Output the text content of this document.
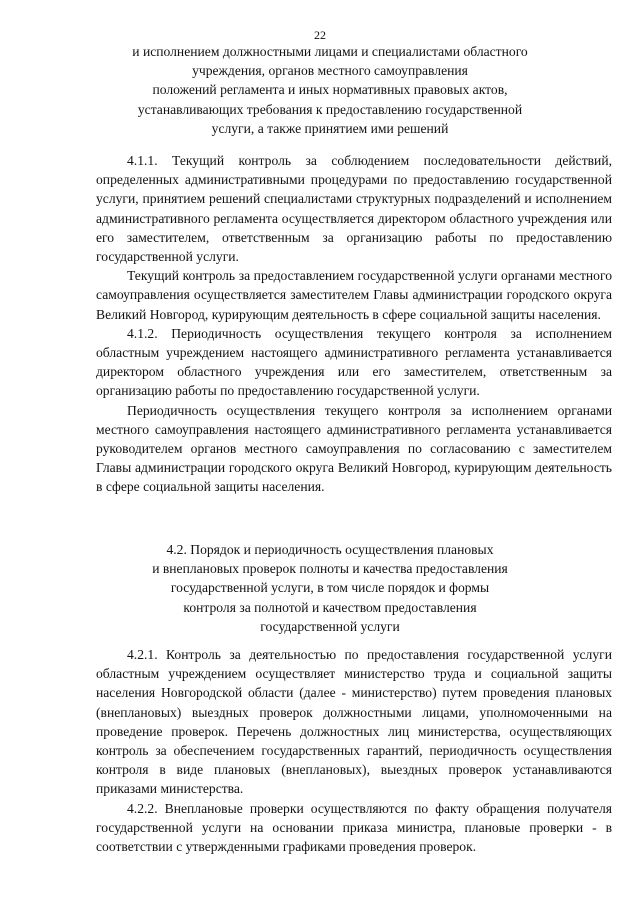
22
и исполнением должностными лицами и специалистами областного
учреждения, органов местного самоуправления
положений регламента и иных нормативных правовых актов,
устанавливающих требования к предоставлению государственной
услуги, а также принятием ими решений

4.1.1. Текущий контроль за соблюдением последовательности действий, определенных административными процедурами по предоставлению государственной услуги, принятием решений специалистами структурных подразделений и исполнением административного регламента осуществляется директором областного учреждения или его заместителем, ответственным за организацию работы по предоставлению государственной услуги.

Текущий контроль за предоставлением государственной услуги органами местного самоуправления осуществляется заместителем Главы администрации городского округа Великий Новгород, курирующим деятельность в сфере социальной защиты населения.

4.1.2. Периодичность осуществления текущего контроля за исполнением областным учреждением настоящего административного регламента устанавливается директором областного учреждения или его заместителем, ответственным за организацию работы по предоставлению государственной услуги.

Периодичность осуществления текущего контроля за исполнением органами местного самоуправления настоящего административного регламента устанавливается руководителем органов местного самоуправления по согласованию с заместителем Главы администрации городского округа Великий Новгород, курирующим деятельность в сфере социальной защиты населения.

4.2. Порядок и периодичность осуществления плановых
и внеплановых проверок полноты и качества предоставления
государственной услуги, в том числе порядок и формы
контроля за полнотой и качеством предоставления
государственной услуги

4.2.1. Контроль за деятельностью по предоставления государственной услуги областным учреждением осуществляет министерство труда и социальной защиты населения Новгородской области (далее - министерство) путем проведения плановых (внеплановых) выездных проверок должностными лицами, уполномоченными на проведение проверок. Перечень должностных лиц министерства, осуществляющих контроль за обеспечением государственных гарантий, периодичность осуществления контроля в виде плановых (внеплановых), выездных проверок устанавливаются приказами министерства.

4.2.2. Внеплановые проверки осуществляются по факту обращения получателя государственной услуги на основании приказа министра, плановые проверки - в соответствии с утвержденными графиками проведения проверок.
